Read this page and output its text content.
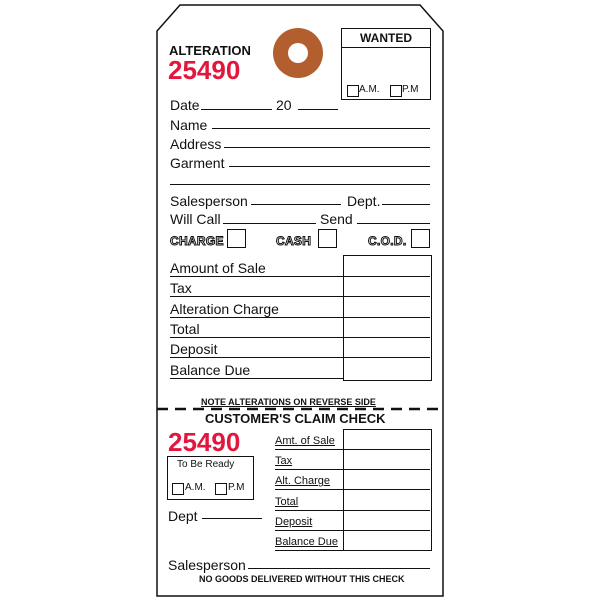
ALTERATION
25490
WANTED
A.M. P.M
Date	20
Name
Address
Garment
Salesperson	Dept.
Will Call	Send
CHARGE	CASH	C.O.D.
Amount of Sale
Tax
Alteration Charge
Total
Deposit
Balance Due
NOTE ALTERATIONS ON REVERSE SIDE
CUSTOMER'S CLAIM CHECK
25490
To Be Ready
A.M. P.M
Dept
Amt. of Sale
Tax
Alt. Charge
Total
Deposit
Balance Due
Salesperson
NO GOODS DELIVERED WITHOUT THIS CHECK
